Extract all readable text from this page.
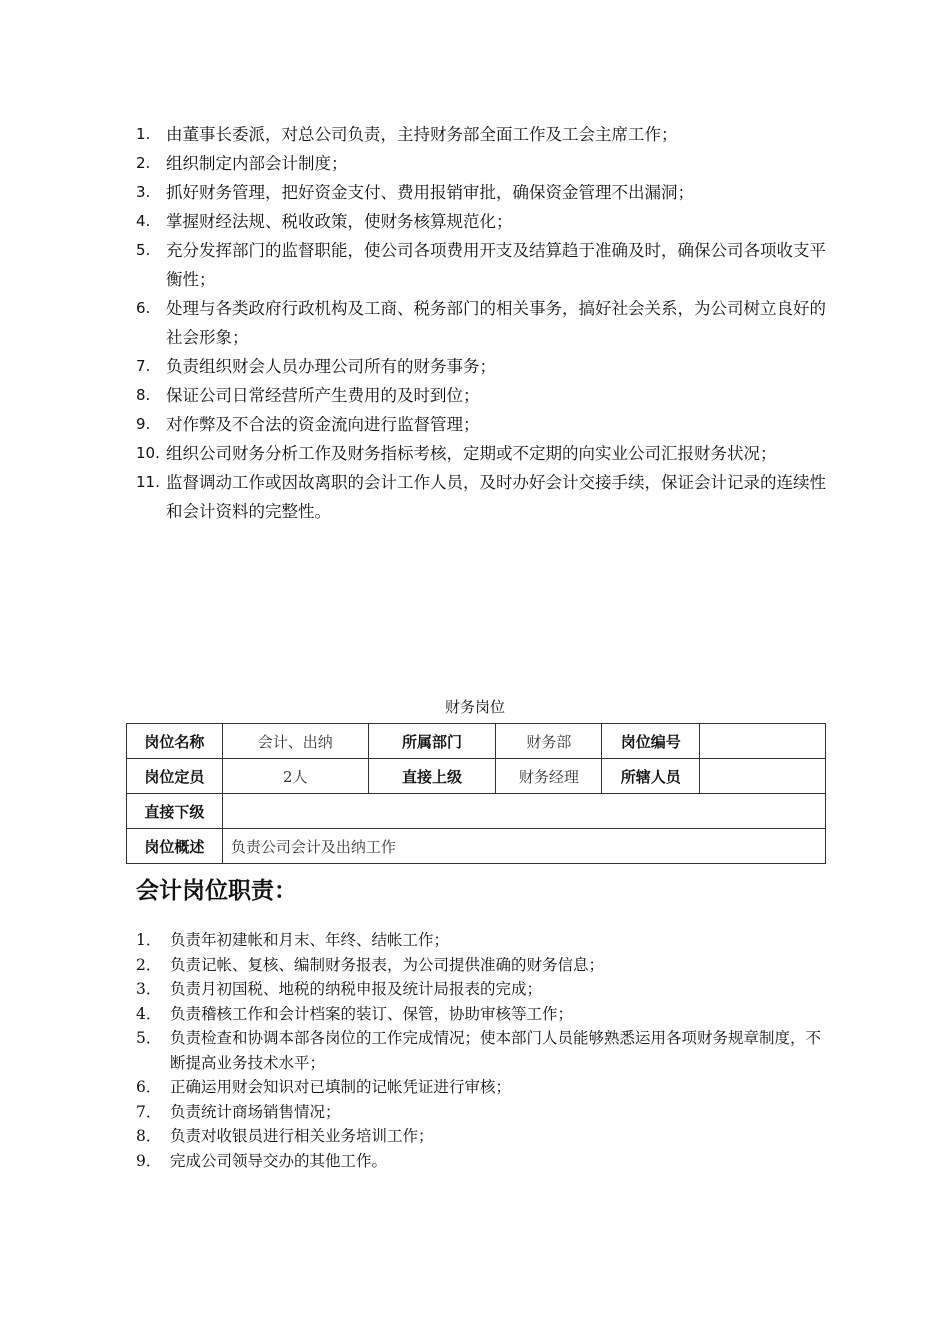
1. 由董事长委派，对总公司负责，主持财务部全面工作及工会主席工作；
2. 组织制定内部会计制度；
3. 抓好财务管理，把好资金支付、费用报销审批，确保资金管理不出漏洞；
4. 掌握财经法规、税收政策，使财务核算规范化；
5. 充分发挥部门的监督职能，使公司各项费用开支及结算趋于准确及时，确保公司各项收支平衡性；
6. 处理与各类政府行政机构及工商、税务部门的相关事务，搞好社会关系，为公司树立良好的社会形象；
7. 负责组织财会人员办理公司所有的财务事务；
8. 保证公司日常经营所产生费用的及时到位；
9. 对作弊及不合法的资金流向进行监督管理；
10. 组织公司财务分析工作及财务指标考核，定期或不定期的向实业公司汇报财务状况；
11. 监督调动工作或因故离职的会计工作人员，及时办好会计交接手续，保证会计记录的连续性和会计资料的完整性。
财务岗位
岗位名称	会计、出纳	所属部门	财务部	岗位编号	
岗位定员	2人	直接上级	财务经理	所辖人员	
直接下级					
岗位概述	负责公司会计及出纳工作				
会计岗位职责：
1． 负责年初建帐和月末、年终、结帐工作；
2． 负责记帐、复核、编制财务报表，为公司提供准确的财务信息；
3． 负责月初国税、地税的纳税申报及统计局报表的完成；
4． 负责稽核工作和会计档案的装订、保管，协助审核等工作；
5． 负责检查和协调本部各岗位的工作完成情况；使本部门人员能够熟悉运用各项财务规章制度，不断提高业务技术水平；
6． 正确运用财会知识对已填制的记帐凭证进行审核；
7． 负责统计商场销售情况；
8． 负责对收银员进行相关业务培训工作；
9． 完成公司领导交办的其他工作。
